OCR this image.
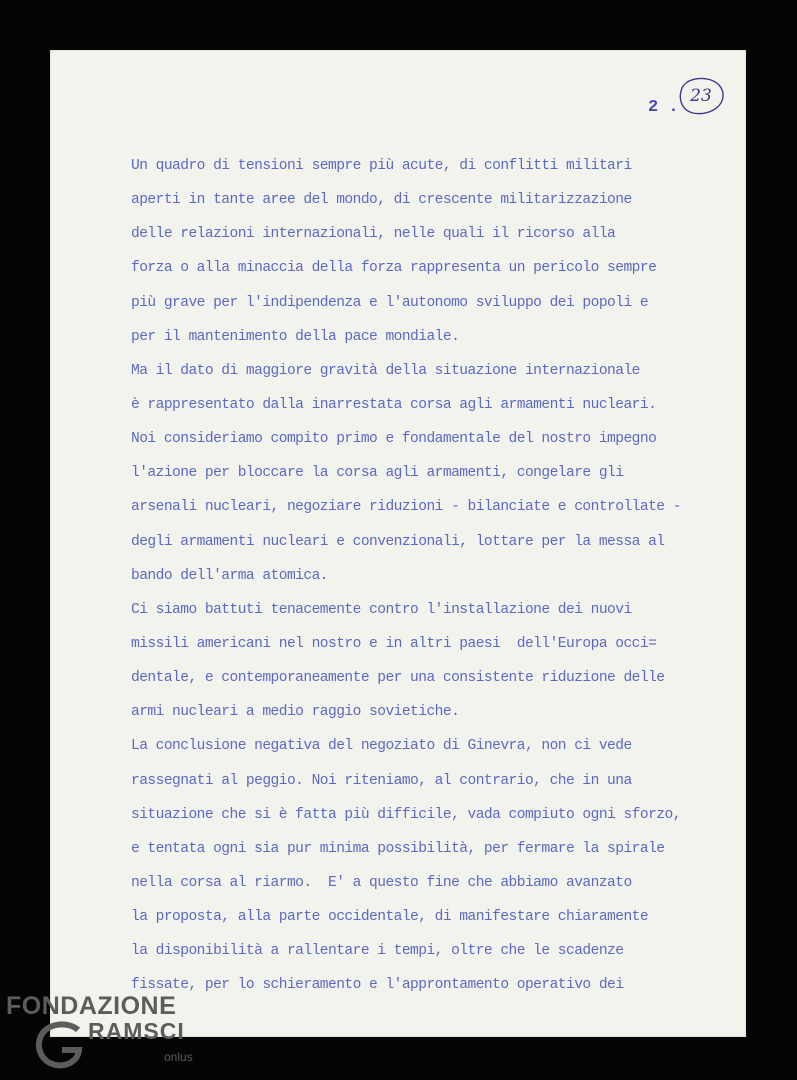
2 .
23
Un quadro di tensioni sempre più acute, di conflitti militari
aperti in tante aree del mondo, di crescente militarizzazione
delle relazioni internazionali, nelle quali il ricorso alla
forza o alla minaccia della forza rappresenta un pericolo sempre
più grave per l'indipendenza e l'autonomo sviluppo dei popoli e
per il mantenimento della pace mondiale.
Ma il dato di maggiore gravità della situazione internazionale
è rappresentato dalla inarrestata corsa agli armamenti nucleari.
Noi consideriamo compito primo e fondamentale del nostro impegno
l'azione per bloccare la corsa agli armamenti, congelare gli
arsenali nucleari, negoziare riduzioni - bilanciate e controllate -
degli armamenti nucleari e convenzionali, lottare per la messa al
bando dell'arma atomica.
Ci siamo battuti tenacemente contro l'installazione dei nuovi
missili americani nel nostro e in altri paesi  dell'Europa occi=
dentale, e contemporaneamente per una consistente riduzione delle
armi nucleari a medio raggio sovietiche.
La conclusione negativa del negoziato di Ginevra, non ci vede
rassegnati al peggio. Noi riteniamo, al contrario, che in una
situazione che si è fatta più difficile, vada compiuto ogni sforzo,
e tentata ogni sia pur minima possibilità, per fermare la spirale
nella corsa al riarmo.  E' a questo fine che abbiamo avanzato
la proposta, alla parte occidentale, di manifestare chiaramente
la disponibilità a rallentare i tempi, oltre che le scadenze
fissate, per lo schieramento e l'approntamento operativo dei
FONDAZIONE
RAMSCI
onlus
